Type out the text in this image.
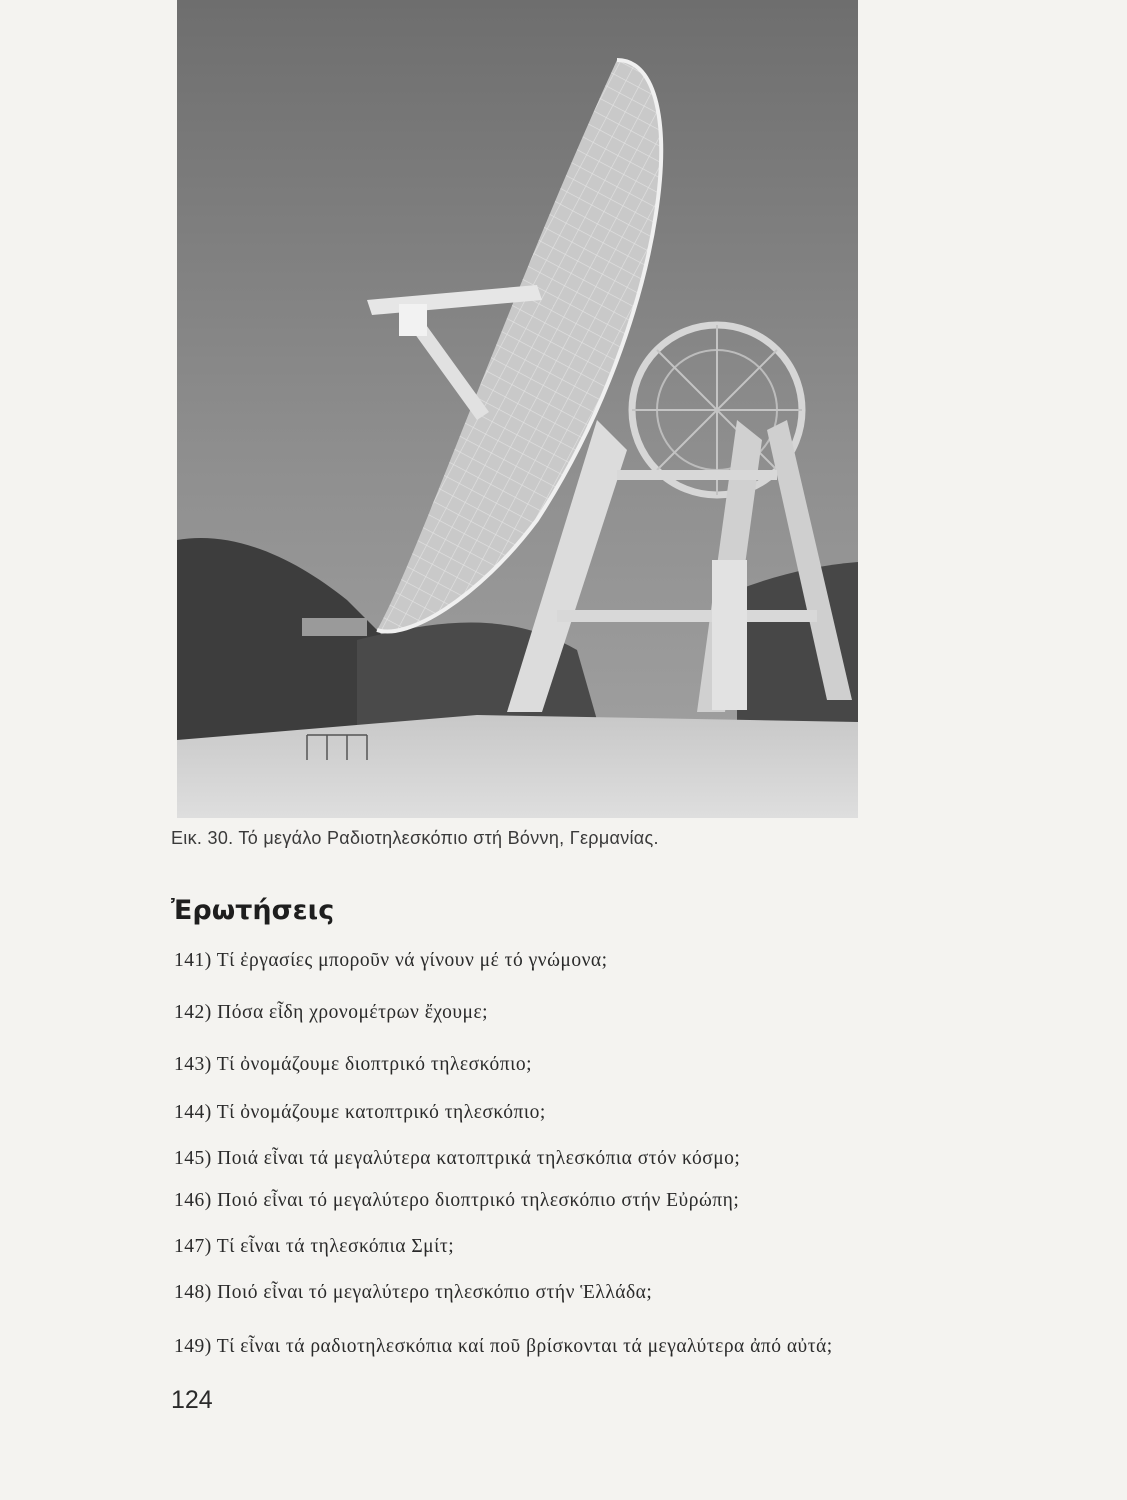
Εικ. 30. Τό μεγάλο Ραδιοτηλεσκόπιο στή Βόννη, Γερμανίας.
Ἐρωτήσεις
141) Τί ἐργασίες μποροῦν νά γίνουν μέ τό γνώμονα;
142) Πόσα εἶδη χρονομέτρων ἔχουμε;
143) Τί ὀνομάζουμε διοπτρικό τηλεσκόπιο;
144) Τί ὀνομάζουμε κατοπτρικό τηλεσκόπιο;
145) Ποιά εἶναι τά μεγαλύτερα κατοπτρικά τηλεσκόπια στόν κόσμο;
146) Ποιό εἶναι τό μεγαλύτερο διοπτρικό τηλεσκόπιο στήν Εὐρώπη;
147) Τί εἶναι τά τηλεσκόπια Σμίτ;
148) Ποιό εἶναι τό μεγαλύτερο τηλεσκόπιο στήν Ἑλλάδα;
149) Τί εἶναι τά ραδιοτηλεσκόπια καί ποῦ βρίσκονται τά μεγαλύτερα ἀπό αὐτά;
124
